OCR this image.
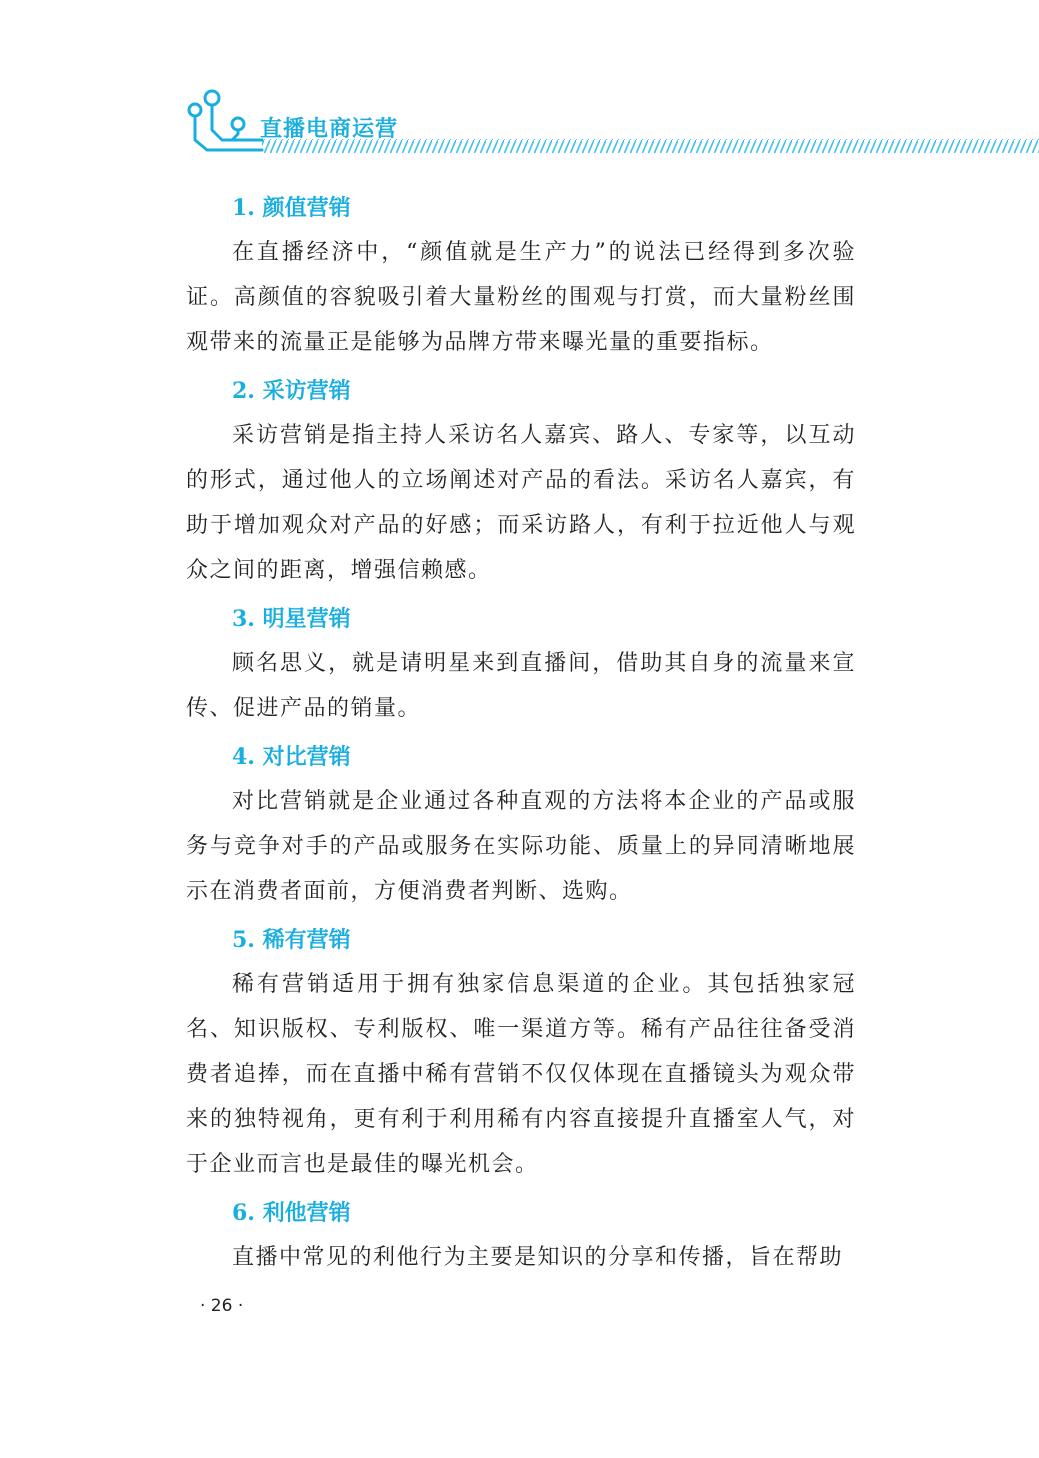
直播电商运营
1. 颜值营销

在直播经济中，“颜值就是生产力”的说法已经得到多次验证。高颜值的容貌吸引着大量粉丝的围观与打赏，而大量粉丝围观带来的流量正是能够为品牌方带来曝光量的重要指标。

2. 采访营销

采访营销是指主持人采访名人嘉宾、路人、专家等，以互动的形式，通过他人的立场阐述对产品的看法。采访名人嘉宾，有助于增加观众对产品的好感；而采访路人，有利于拉近他人与观众之间的距离，增强信赖感。

3. 明星营销

顾名思义，就是请明星来到直播间，借助其自身的流量来宣传、促进产品的销量。

4. 对比营销

对比营销就是企业通过各种直观的方法将本企业的产品或服务与竞争对手的产品或服务在实际功能、质量上的异同清晰地展示在消费者面前，方便消费者判断、选购。

5. 稀有营销

稀有营销适用于拥有独家信息渠道的企业。其包括独家冠名、知识版权、专利版权、唯一渠道方等。稀有产品往往备受消费者追捧，而在直播中稀有营销不仅仅体现在直播镜头为观众带来的独特视角，更有利于利用稀有内容直接提升直播室人气，对于企业而言也是最佳的曝光机会。

6. 利他营销

直播中常见的利他行为主要是知识的分享和传播，旨在帮助

· 26 ·
